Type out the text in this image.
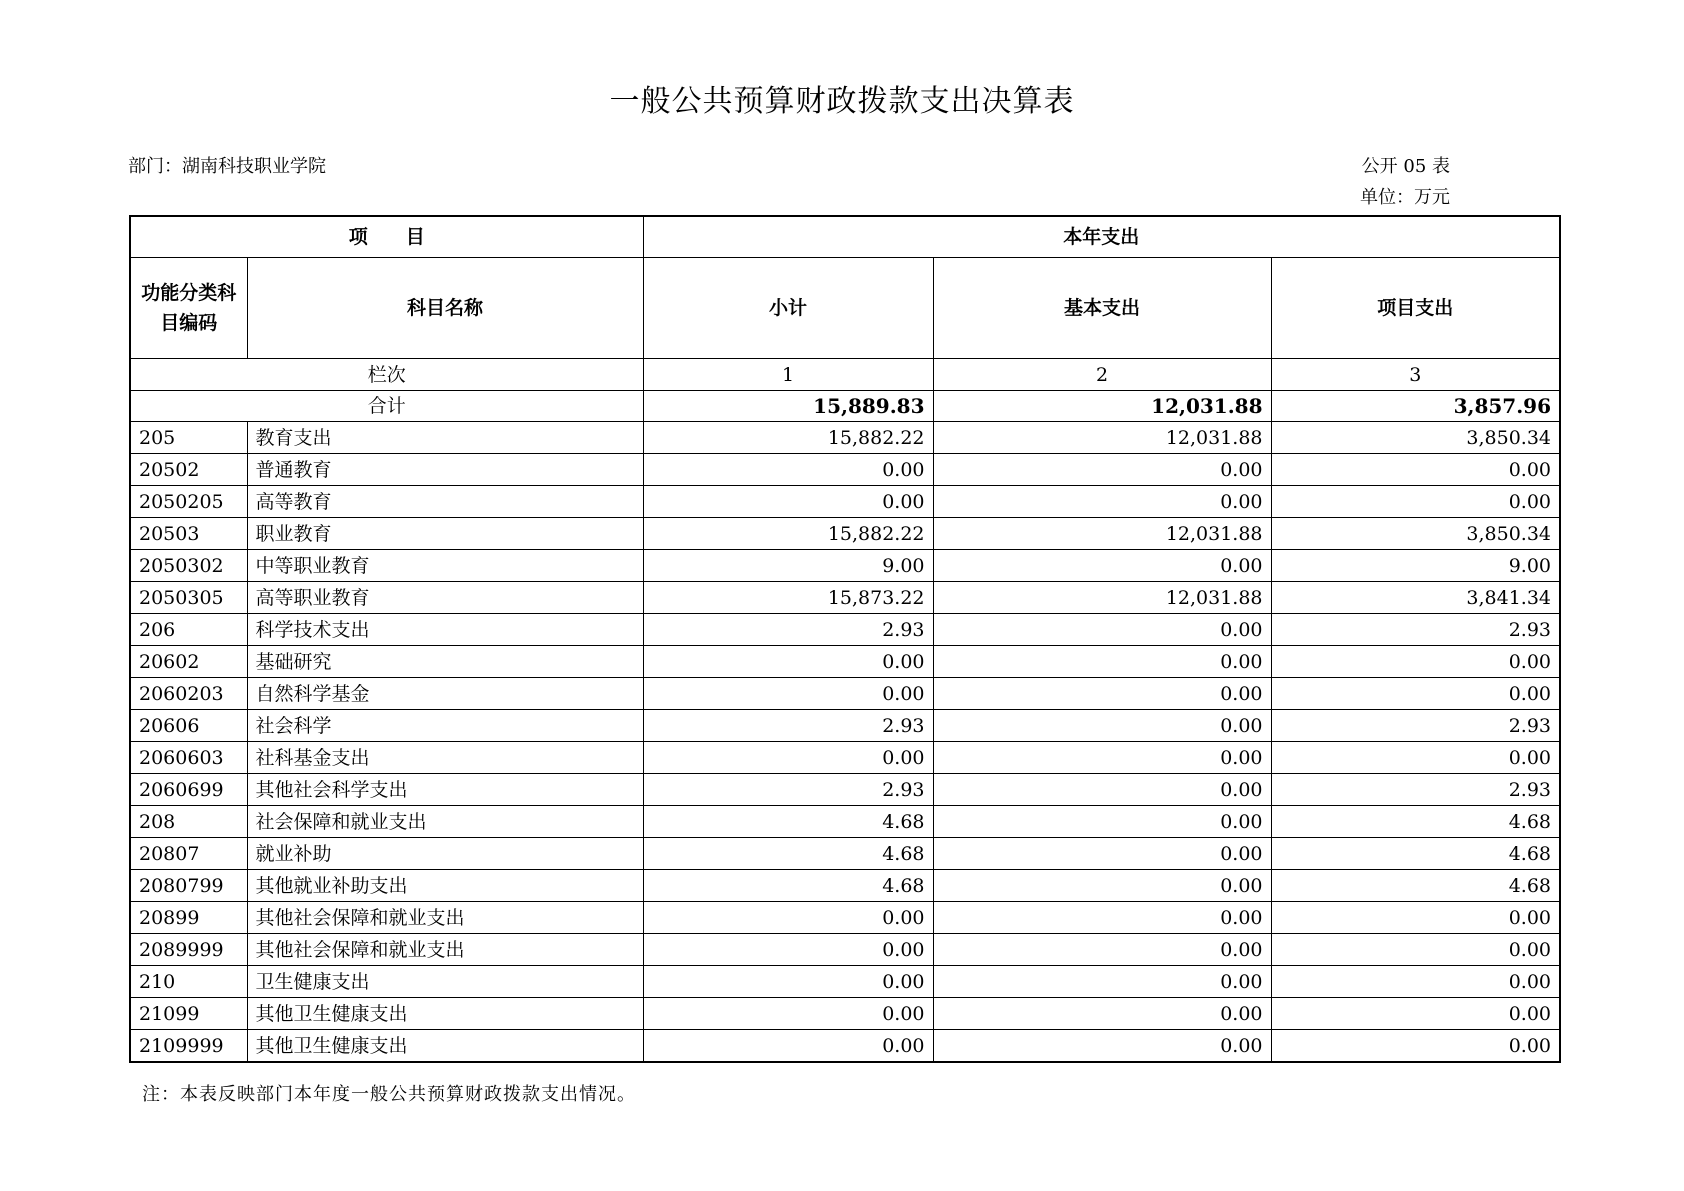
一般公共预算财政拨款支出决算表
部门：湖南科技职业学院	公开 05 表
单位：万元
项　　目		本年支出		
功能分类科目编码	科目名称	小计	基本支出	项目支出
栏次		1	2	3
合计		15,889.83	12,031.88	3,857.96
205	教育支出	15,882.22	12,031.88	3,850.34
20502	普通教育	0.00	0.00	0.00
2050205	高等教育	0.00	0.00	0.00
20503	职业教育	15,882.22	12,031.88	3,850.34
2050302	中等职业教育	9.00	0.00	9.00
2050305	高等职业教育	15,873.22	12,031.88	3,841.34
206	科学技术支出	2.93	0.00	2.93
20602	基础研究	0.00	0.00	0.00
2060203	自然科学基金	0.00	0.00	0.00
20606	社会科学	2.93	0.00	2.93
2060603	社科基金支出	0.00	0.00	0.00
2060699	其他社会科学支出	2.93	0.00	2.93
208	社会保障和就业支出	4.68	0.00	4.68
20807	就业补助	4.68	0.00	4.68
2080799	其他就业补助支出	4.68	0.00	4.68
20899	其他社会保障和就业支出	0.00	0.00	0.00
2089999	其他社会保障和就业支出	0.00	0.00	0.00
210	卫生健康支出	0.00	0.00	0.00
21099	其他卫生健康支出	0.00	0.00	0.00
2109999	其他卫生健康支出	0.00	0.00	0.00
注：本表反映部门本年度一般公共预算财政拨款支出情况。
